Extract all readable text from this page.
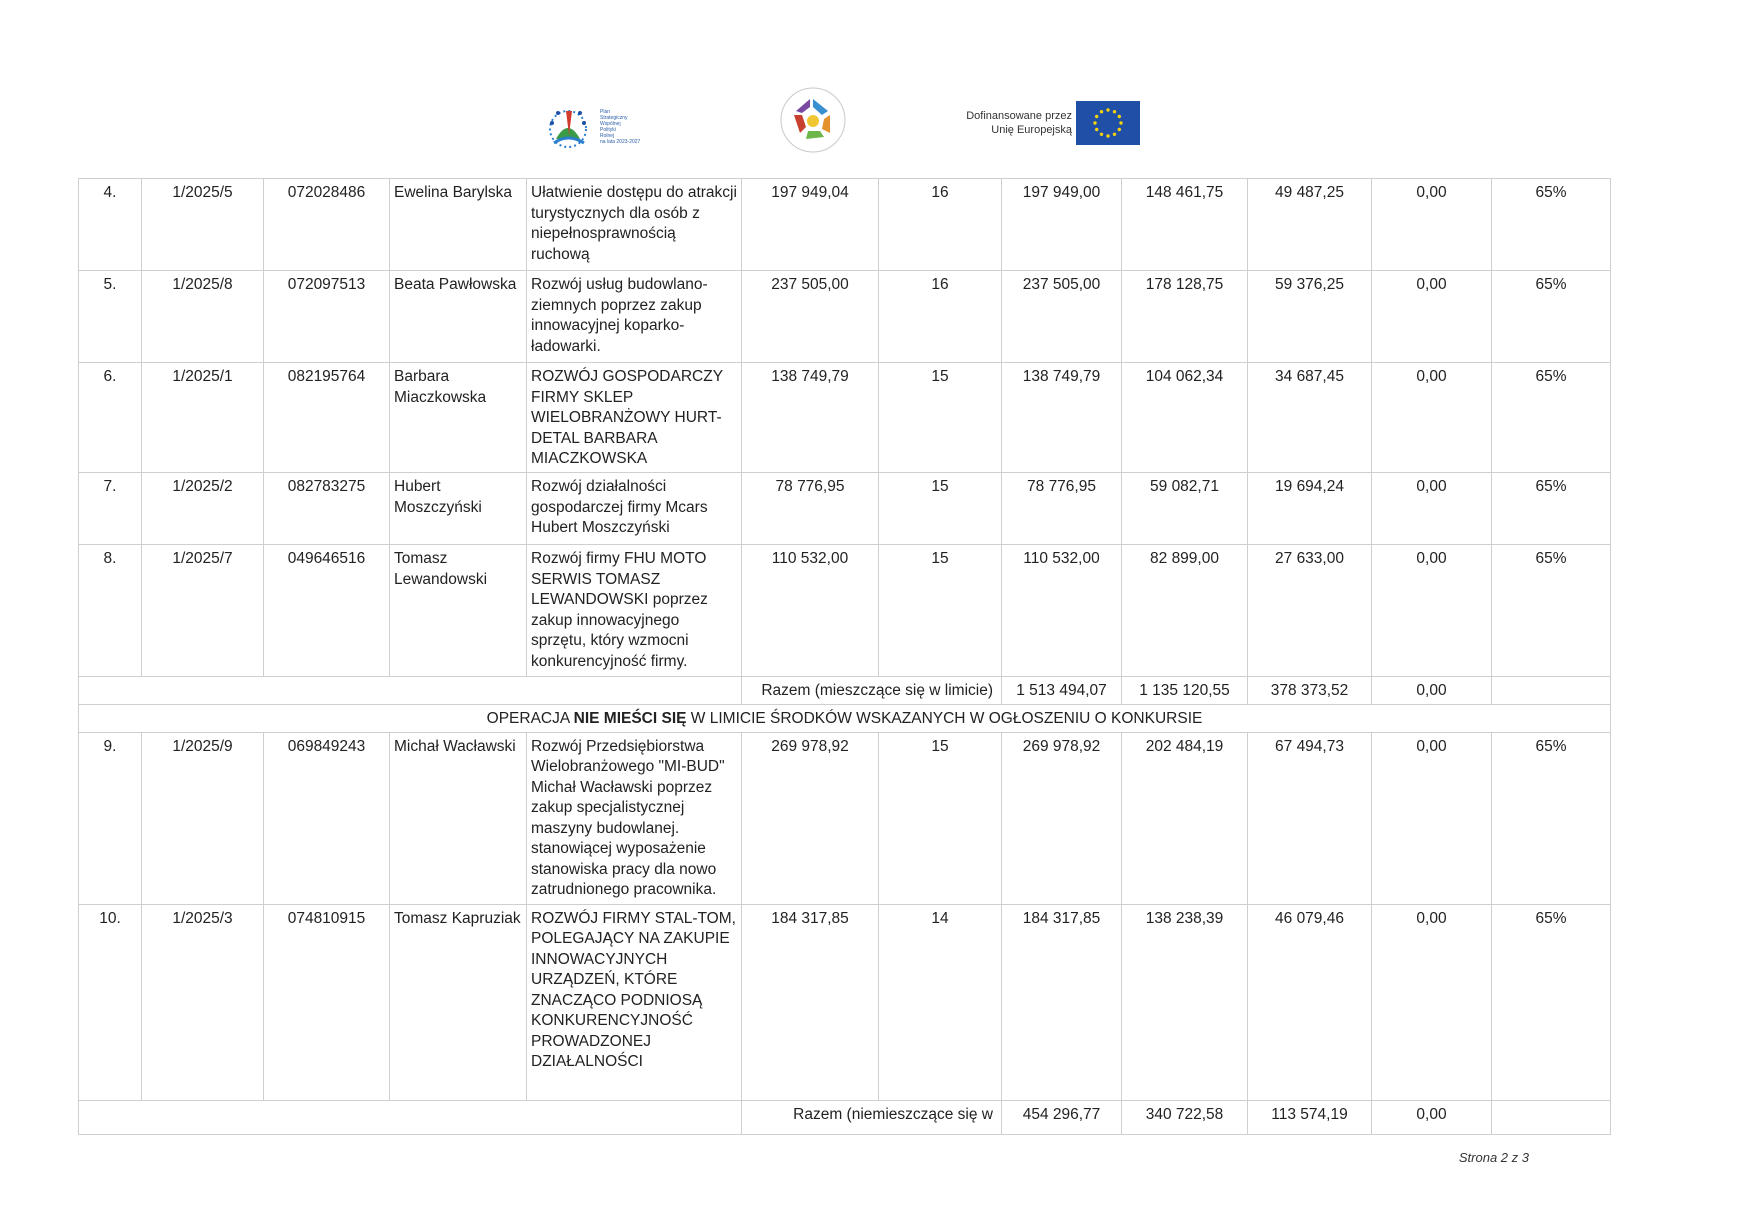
Plan
Strategiczny
Wspólnej
Polityki
Rolnej
na lata 2023-2027
Dofinansowane przez
Unię Europejską
4.	1/2025/5	072028486	Ewelina Barylska	Ułatwienie dostępu do atrakcji turystycznych dla osób z niepełnosprawnością ruchową	197 949,04	16	197 949,00	148 461,75	49 487,25	0,00	65%
5.	1/2025/8	072097513	Beata Pawłowska	Rozwój usług budowlano-ziemnych poprzez zakup innowacyjnej koparko-ładowarki.	237 505,00	16	237 505,00	178 128,75	59 376,25	0,00	65%
6.	1/2025/1	082195764	Barbara Miaczkowska	ROZWÓJ GOSPODARCZY FIRMY SKLEP WIELOBRANŻOWY HURT-DETAL BARBARA MIACZKOWSKA	138 749,79	15	138 749,79	104 062,34	34 687,45	0,00	65%
7.	1/2025/2	082783275	Hubert Moszczyński	Rozwój działalności gospodarczej firmy Mcars Hubert Moszczyński	78 776,95	15	78 776,95	59 082,71	19 694,24	0,00	65%
8.	1/2025/7	049646516	Tomasz Lewandowski	Rozwój firmy FHU MOTO SERWIS TOMASZ LEWANDOWSKI poprzez zakup innowacyjnego sprzętu, który wzmocni konkurencyjność firmy.	110 532,00	15	110 532,00	82 899,00	27 633,00	0,00	65%
					Razem (mieszczące się w limicie)		1 513 494,07	1 135 120,55	378 373,52	0,00	
OPERACJA NIE MIEŚCI SIĘ W LIMICIE ŚRODKÓW WSKAZANYCH W OGŁOSZENIU O KONKURSIE											
9.	1/2025/9	069849243	Michał Wacławski	Rozwój Przedsiębiorstwa Wielobranżowego "MI-BUD" Michał Wacławski poprzez zakup specjalistycznej maszyny budowlanej. stanowiącej wyposażenie stanowiska pracy dla nowo zatrudnionego pracownika.	269 978,92	15	269 978,92	202 484,19	67 494,73	0,00	65%
10.	1/2025/3	074810915	Tomasz Kapruziak	ROZWÓJ FIRMY STAL-TOM, POLEGAJĄCY NA ZAKUPIE INNOWACYJNYCH URZĄDZEŃ, KTÓRE ZNACZĄCO PODNIOSĄ KONKURENCYJNOŚĆ PROWADZONEJ DZIAŁALNOŚCI	184 317,85	14	184 317,85	138 238,39	46 079,46	0,00	65%
					Razem (niemieszczące się w		454 296,77	340 722,58	113 574,19	0,00	
Strona 2 z 3
